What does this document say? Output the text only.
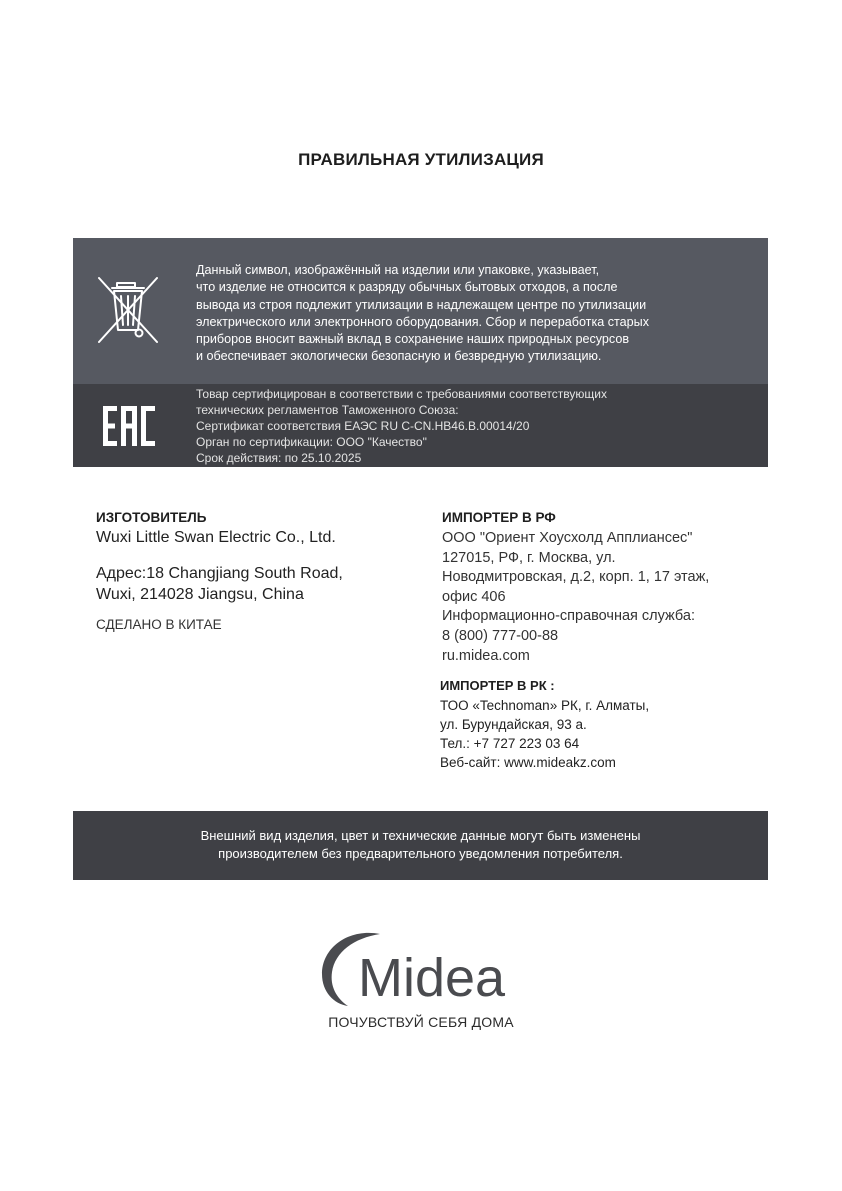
ПРАВИЛЬНАЯ УТИЛИЗАЦИЯ
Данный символ, изображённый на изделии или упаковке, указывает,
что изделие не относится к разряду обычных бытовых отходов, а после
вывода из строя подлежит утилизации в надлежащем центре по утилизации
электрического или электронного оборудования. Сбор и переработка старых
приборов вносит важный вклад в сохранение наших природных ресурсов
и обеспечивает экологически безопасную и безвредную утилизацию.
Товар сертифицирован в соответствии с требованиями соответствующих
технических регламентов Таможенного Союза:
Сертификат соответствия ЕАЭС RU C-CN.HB46.B.00014/20
Орган по сертификации: ООО "Качество"
Срок действия: по 25.10.2025
ИЗГОТОВИТЕЛЬ
Wuxi Little Swan Electric Co., Ltd.
Адрес:18 Changjiang South Road,
Wuxi, 214028 Jiangsu, China
СДЕЛАНО В КИТАЕ
ИМПОРТЕР В РФ
ООО "Ориент Хоусхолд Апплиансес"
127015, РФ, г. Москва, ул.
Новодмитровская, д.2, корп. 1, 17 этаж,
офис 406
Информационно-справочная служба:
8 (800) 777-00-88
ru.midea.com
ИМПОРТЕР В РК :
ТОО «Technoman» РК, г. Алматы,
ул. Бурундайская, 93 а.
Тел.: +7 727 223 03 64
Веб-сайт: www.mideakz.com
Внешний вид изделия, цвет и технические данные могут быть изменены
производителем без предварительного уведомления потребителя.
Midea
ПОЧУВСТВУЙ СЕБЯ ДОМА
